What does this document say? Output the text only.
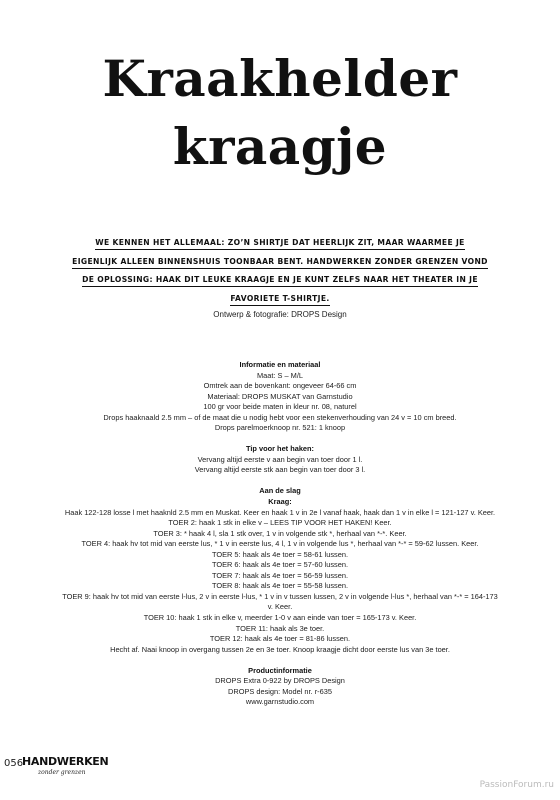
Kraakhelder
kraagje
WE KENNEN HET ALLEMAAL: ZO’N SHIRTJE DAT HEERLIJK ZIT, MAAR WAARMEE JE
EIGENLIJK ALLEEN BINNENSHUIS TOONBAAR BENT. HANDWERKEN ZONDER GRENZEN VOND
DE OPLOSSING: HAAK DIT LEUKE KRAAGJE EN JE KUNT ZELFS NAAR HET THEATER IN JE
FAVORIETE T-SHIRTJE.
Ontwerp & fotografie: DROPS Design
Informatie en materiaal
Maat: S – M/L
Omtrek aan de bovenkant: ongeveer 64-66 cm
Materiaal: DROPS MUSKAT van Garnstudio
100 gr voor beide maten in kleur nr. 08, naturel
Drops haaknaald 2.5 mm – of de maat die u nodig hebt voor een stekenverhouding van 24 v = 10 cm breed.
Drops parelmoerknoop nr. 521: 1 knoop
Tip voor het haken:
Vervang altijd eerste v aan begin van toer door 1 l.
Vervang altijd eerste stk aan begin van toer door 3 l.
Aan de slag
Kraag:
Haak 122-128 losse l met haaknld 2.5 mm en Muskat. Keer en haak 1 v in 2e l vanaf haak, haak dan 1 v in elke l = 121-127 v. Keer.
TOER 2: haak 1 stk in elke v – LEES TIP VOOR HET HAKEN! Keer.
TOER 3: * haak 4 l, sla 1 stk over, 1 v in volgende stk *, herhaal van *-*. Keer.
TOER 4: haak hv tot mid van eerste lus, * 1 v in eerste lus, 4 l, 1 v in volgende lus *, herhaal van *-* = 59-62 lussen. Keer.
TOER 5: haak als 4e toer = 58-61 lussen.
TOER 6: haak als 4e toer = 57-60 lussen.
TOER 7: haak als 4e toer = 56-59 lussen.
TOER 8: haak als 4e toer = 55-58 lussen.
TOER 9: haak hv tot mid van eerste l-lus, 2 v in eerste l-lus, * 1 v in v tussen lussen, 2 v in volgende l-lus *, herhaal van *-* = 164-173
v. Keer.
TOER 10: haak 1 stk in elke v, meerder 1-0 v aan einde van toer = 165-173 v. Keer.
TOER 11: haak als 3e toer.
TOER 12: haak als 4e toer = 81-86 lussen.
Hecht af. Naai knoop in overgang tussen 2e en 3e toer. Knoop kraagje dicht door eerste lus van 3e toer.
Productinformatie
DROPS Extra 0-922 by DROPS Design
DROPS design: Model nr. r-635
www.garnstudio.com
056
HANDWERKEN
zonder grenzen
PassionForum.ru
